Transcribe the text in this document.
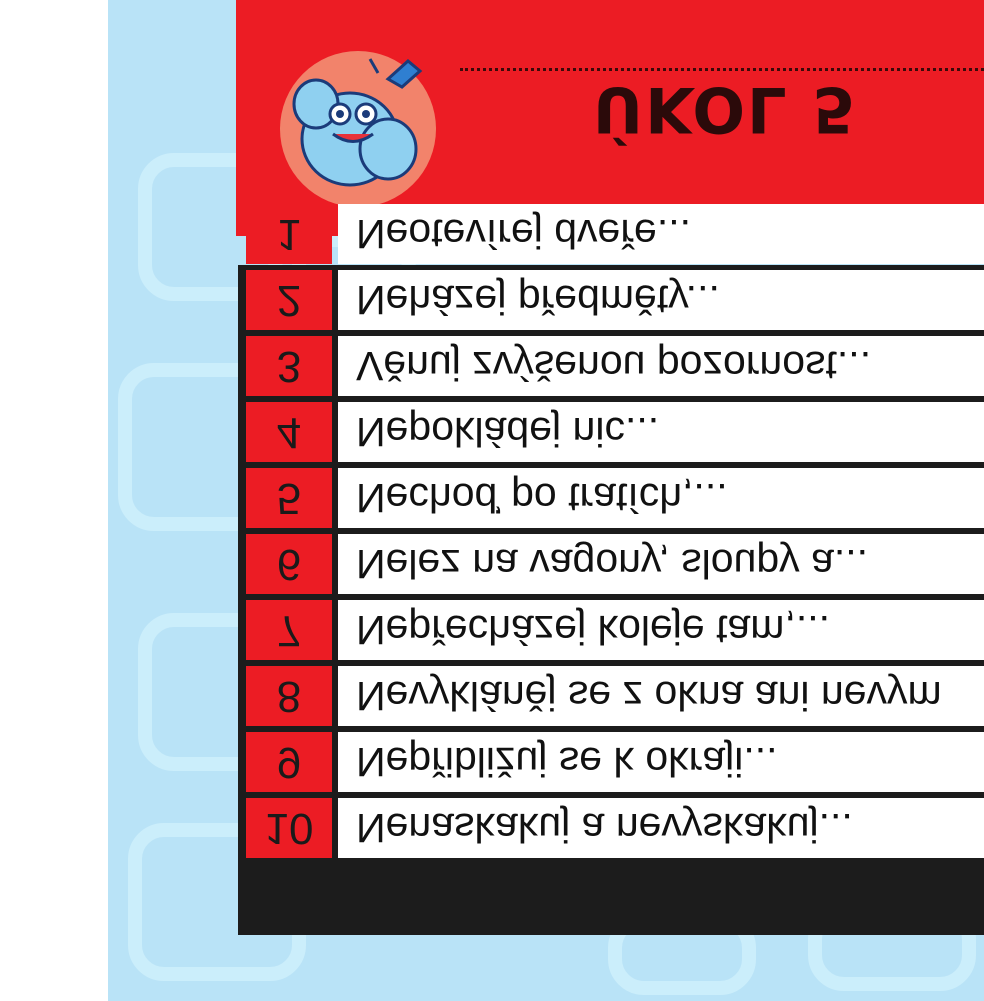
ÚKOL 5
1	Neotevírej dveře...
2	Neházej předměty...
3	Věnuj zvýšenou pozornost...
4	Nepokládej nic...
5	Nechoď po tratích,...
6	Nelez na vagony, sloupy a...
7	Nepřecházej koleje tam,...
8	Nevykláněj se z okna ani nevym
9	Nepřibližuj se k okraji...
10	Nenaskakuj a nevyskakuj...
